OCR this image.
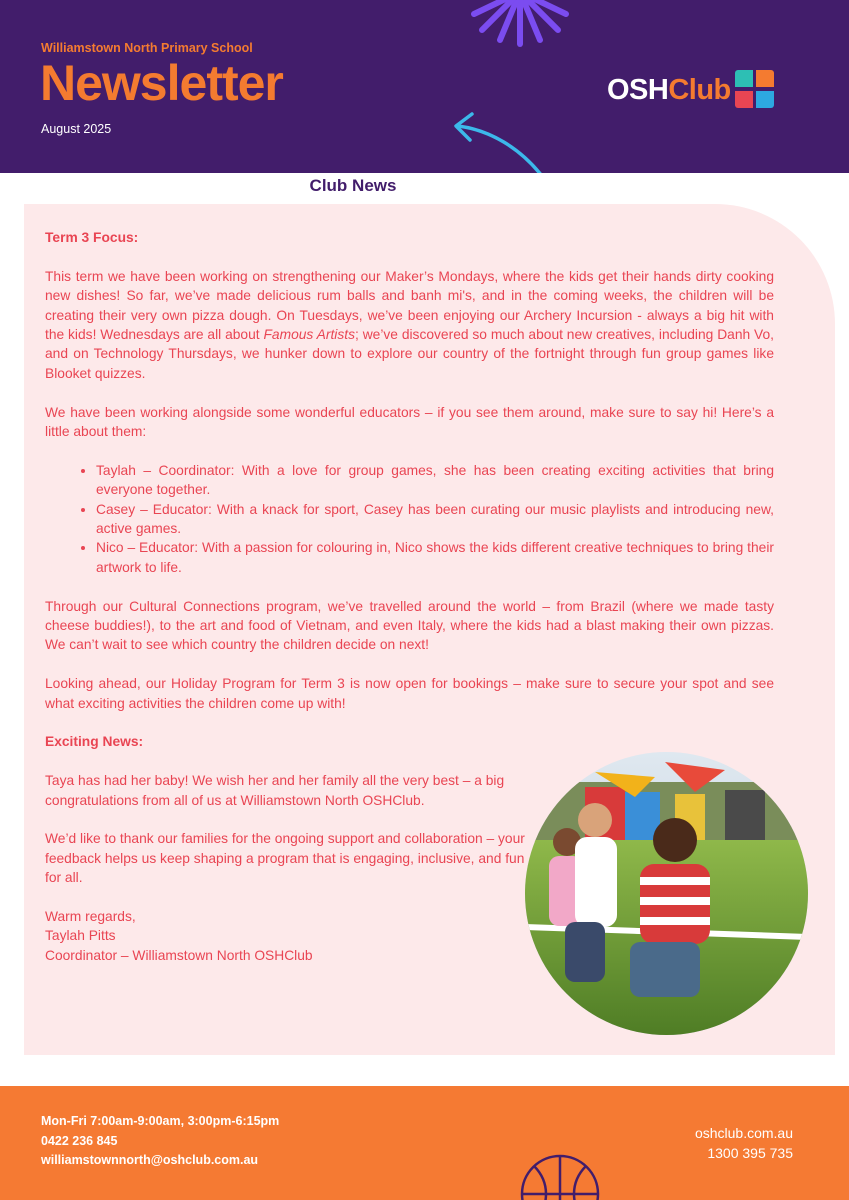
Williamstown North Primary School
Newsletter
August 2025
OSH Club
Club News

Term 3 Focus:

This term we have been working on strengthening our Maker’s Mondays, where the kids get their hands dirty cooking new dishes! So far, we’ve made delicious rum balls and banh mi's, and in the coming weeks, the children will be creating their very own pizza dough. On Tuesdays, we’ve been enjoying our Archery Incursion - always a big hit with the kids! Wednesdays are all about Famous Artists; we’ve discovered so much about new creatives, including Danh Vo, and on Technology Thursdays, we hunker down to explore our country of the fortnight through fun group games like Blooket quizzes.

We have been working alongside some wonderful educators – if you see them around, make sure to say hi! Here’s a little about them:

• Taylah – Coordinator: With a love for group games, she has been creating exciting activities that bring everyone together.
• Casey – Educator: With a knack for sport, Casey has been curating our music playlists and introducing new, active games.
• Nico – Educator: With a passion for colouring in, Nico shows the kids different creative techniques to bring their artwork to life.

Through our Cultural Connections program, we’ve travelled around the world – from Brazil (where we made tasty cheese buddies!), to the art and food of Vietnam, and even Italy, where the kids had a blast making their own pizzas. We can’t wait to see which country the children decide on next!

Looking ahead, our Holiday Program for Term 3 is now open for bookings – make sure to secure your spot and see what exciting activities the children come up with!

Exciting News:

Taya has had her baby! We wish her and her family all the very best – a big congratulations from all of us at Williamstown North OSHClub.

We’d like to thank our families for the ongoing support and collaboration – your feedback helps us keep shaping a program that is engaging, inclusive, and fun for all.

Warm regards,
Taylah Pitts
Coordinator – Williamstown North OSHClub

Mon-Fri 7:00am-9:00am, 3:00pm-6:15pm
0422 236 845
williamstownnorth@oshclub.com.au
oshclub.com.au
1300 395 735
